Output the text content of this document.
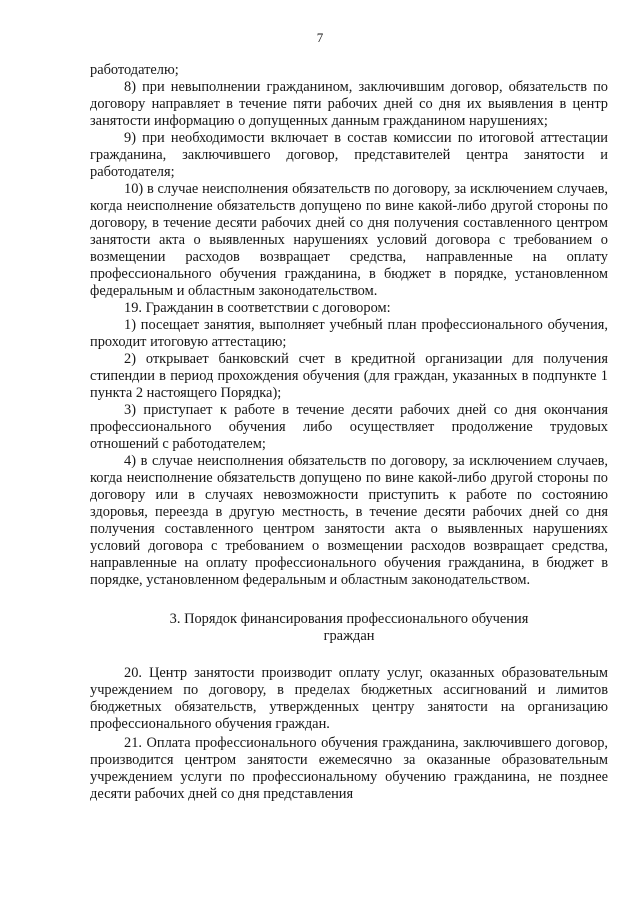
7

работодателю;

8) при невыполнении гражданином, заключившим договор, обязательств по договору направляет в течение пяти рабочих дней со дня их выявления в центр занятости информацию о допущенных данным гражданином нарушениях;

9) при необходимости включает в состав комиссии по итоговой аттестации гражданина, заключившего договор, представителей центра занятости и работодателя;

10) в случае неисполнения обязательств по договору, за исключением случаев, когда неисполнение обязательств допущено по вине какой-либо другой стороны по договору, в течение десяти рабочих дней со дня получения составленного центром занятости акта о выявленных нарушениях условий договора с требованием о возмещении расходов возвращает средства, направленные на оплату профессионального обучения гражданина, в бюджет в порядке, установленном федеральным и областным законодательством.

19. Гражданин в соответствии с договором:

1) посещает занятия, выполняет учебный план профессионального обучения, проходит итоговую аттестацию;

2) открывает банковский счет в кредитной организации для получения стипендии в период прохождения обучения (для граждан, указанных в подпункте 1 пункта 2 настоящего Порядка);

3) приступает к работе в течение десяти рабочих дней со дня окончания профессионального обучения либо осуществляет продолжение трудовых отношений с работодателем;

4) в случае неисполнения обязательств по договору, за исключением случаев, когда неисполнение обязательств допущено по вине какой-либо другой стороны по договору или в случаях невозможности приступить к работе по состоянию здоровья, переезда в другую местность, в течение десяти рабочих дней со дня получения составленного центром занятости акта о выявленных нарушениях условий договора с требованием о возмещении расходов возвращает средства, направленные на оплату профессионального обучения гражданина, в бюджет в порядке, установленном федеральным и областным законодательством.

3. Порядок финансирования профессионального обучения
граждан

20. Центр занятости производит оплату услуг, оказанных образовательным учреждением по договору, в пределах бюджетных ассигнований и лимитов бюджетных обязательств, утвержденных центру занятости на организацию профессионального обучения граждан.

21. Оплата профессионального обучения гражданина, заключившего договор, производится центром занятости ежемесячно за оказанные образовательным учреждением услуги по профессиональному обучению гражданина, не позднее десяти рабочих дней со дня представления
